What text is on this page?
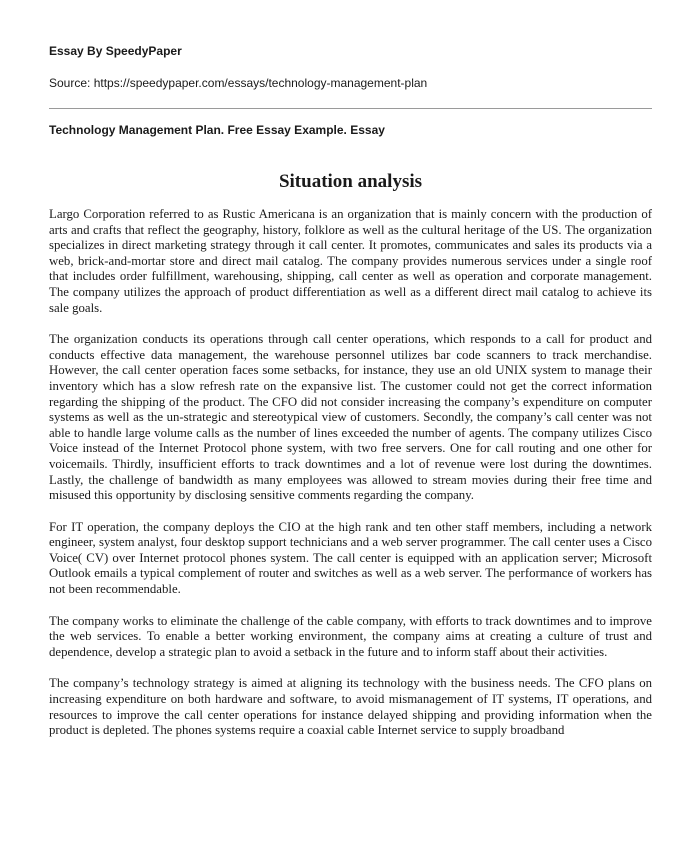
Essay By SpeedyPaper

Source: https://speedypaper.com/essays/technology-management-plan

Technology Management Plan. Free Essay Example. Essay

Situation analysis

Largo Corporation referred to as Rustic Americana is an organization that is mainly concern with the production of arts and crafts that reflect the geography, history, folklore as well as the cultural heritage of the US. The organization specializes in direct marketing strategy through it call center. It promotes, communicates and sales its products via a web, brick-and-mortar store and direct mail catalog. The company provides numerous services under a single roof that includes order fulfillment, warehousing, shipping, call center as well as operation and corporate management. The company utilizes the approach of product differentiation as well as a different direct mail catalog to achieve its sale goals.

The organization conducts its operations through call center operations, which responds to a call for product and conducts effective data management, the warehouse personnel utilizes bar code scanners to track merchandise. However, the call center operation faces some setbacks, for instance, they use an old UNIX system to manage their inventory which has a slow refresh rate on the expansive list. The customer could not get the correct information regarding the shipping of the product. The CFO did not consider increasing the company’s expenditure on computer systems as well as the un-strategic and stereotypical view of customers. Secondly, the company’s call center was not able to handle large volume calls as the number of lines exceeded the number of agents. The company utilizes Cisco Voice instead of the Internet Protocol phone system, with two free servers. One for call routing and one other for voicemails. Thirdly, insufficient efforts to track downtimes and a lot of revenue were lost during the downtimes. Lastly, the challenge of bandwidth as many employees was allowed to stream movies during their free time and misused this opportunity by disclosing sensitive comments regarding the company.

For IT operation, the company deploys the CIO at the high rank and ten other staff members, including a network engineer, system analyst, four desktop support technicians and a web server programmer. The call center uses a Cisco Voice( CV) over Internet protocol phones system. The call center is equipped with an application server; Microsoft Outlook emails a typical complement of router and switches as well as a web server. The performance of workers has not been recommendable.

The company works to eliminate the challenge of the cable company, with efforts to track downtimes and to improve the web services. To enable a better working environment, the company aims at creating a culture of trust and dependence, develop a strategic plan to avoid a setback in the future and to inform staff about their activities.

The company’s technology strategy is aimed at aligning its technology with the business needs. The CFO plans on increasing expenditure on both hardware and software, to avoid mismanagement of IT systems, IT operations, and resources to improve the call center operations for instance delayed shipping and providing information when the product is depleted. The phones systems require a coaxial cable Internet service to supply broadband
